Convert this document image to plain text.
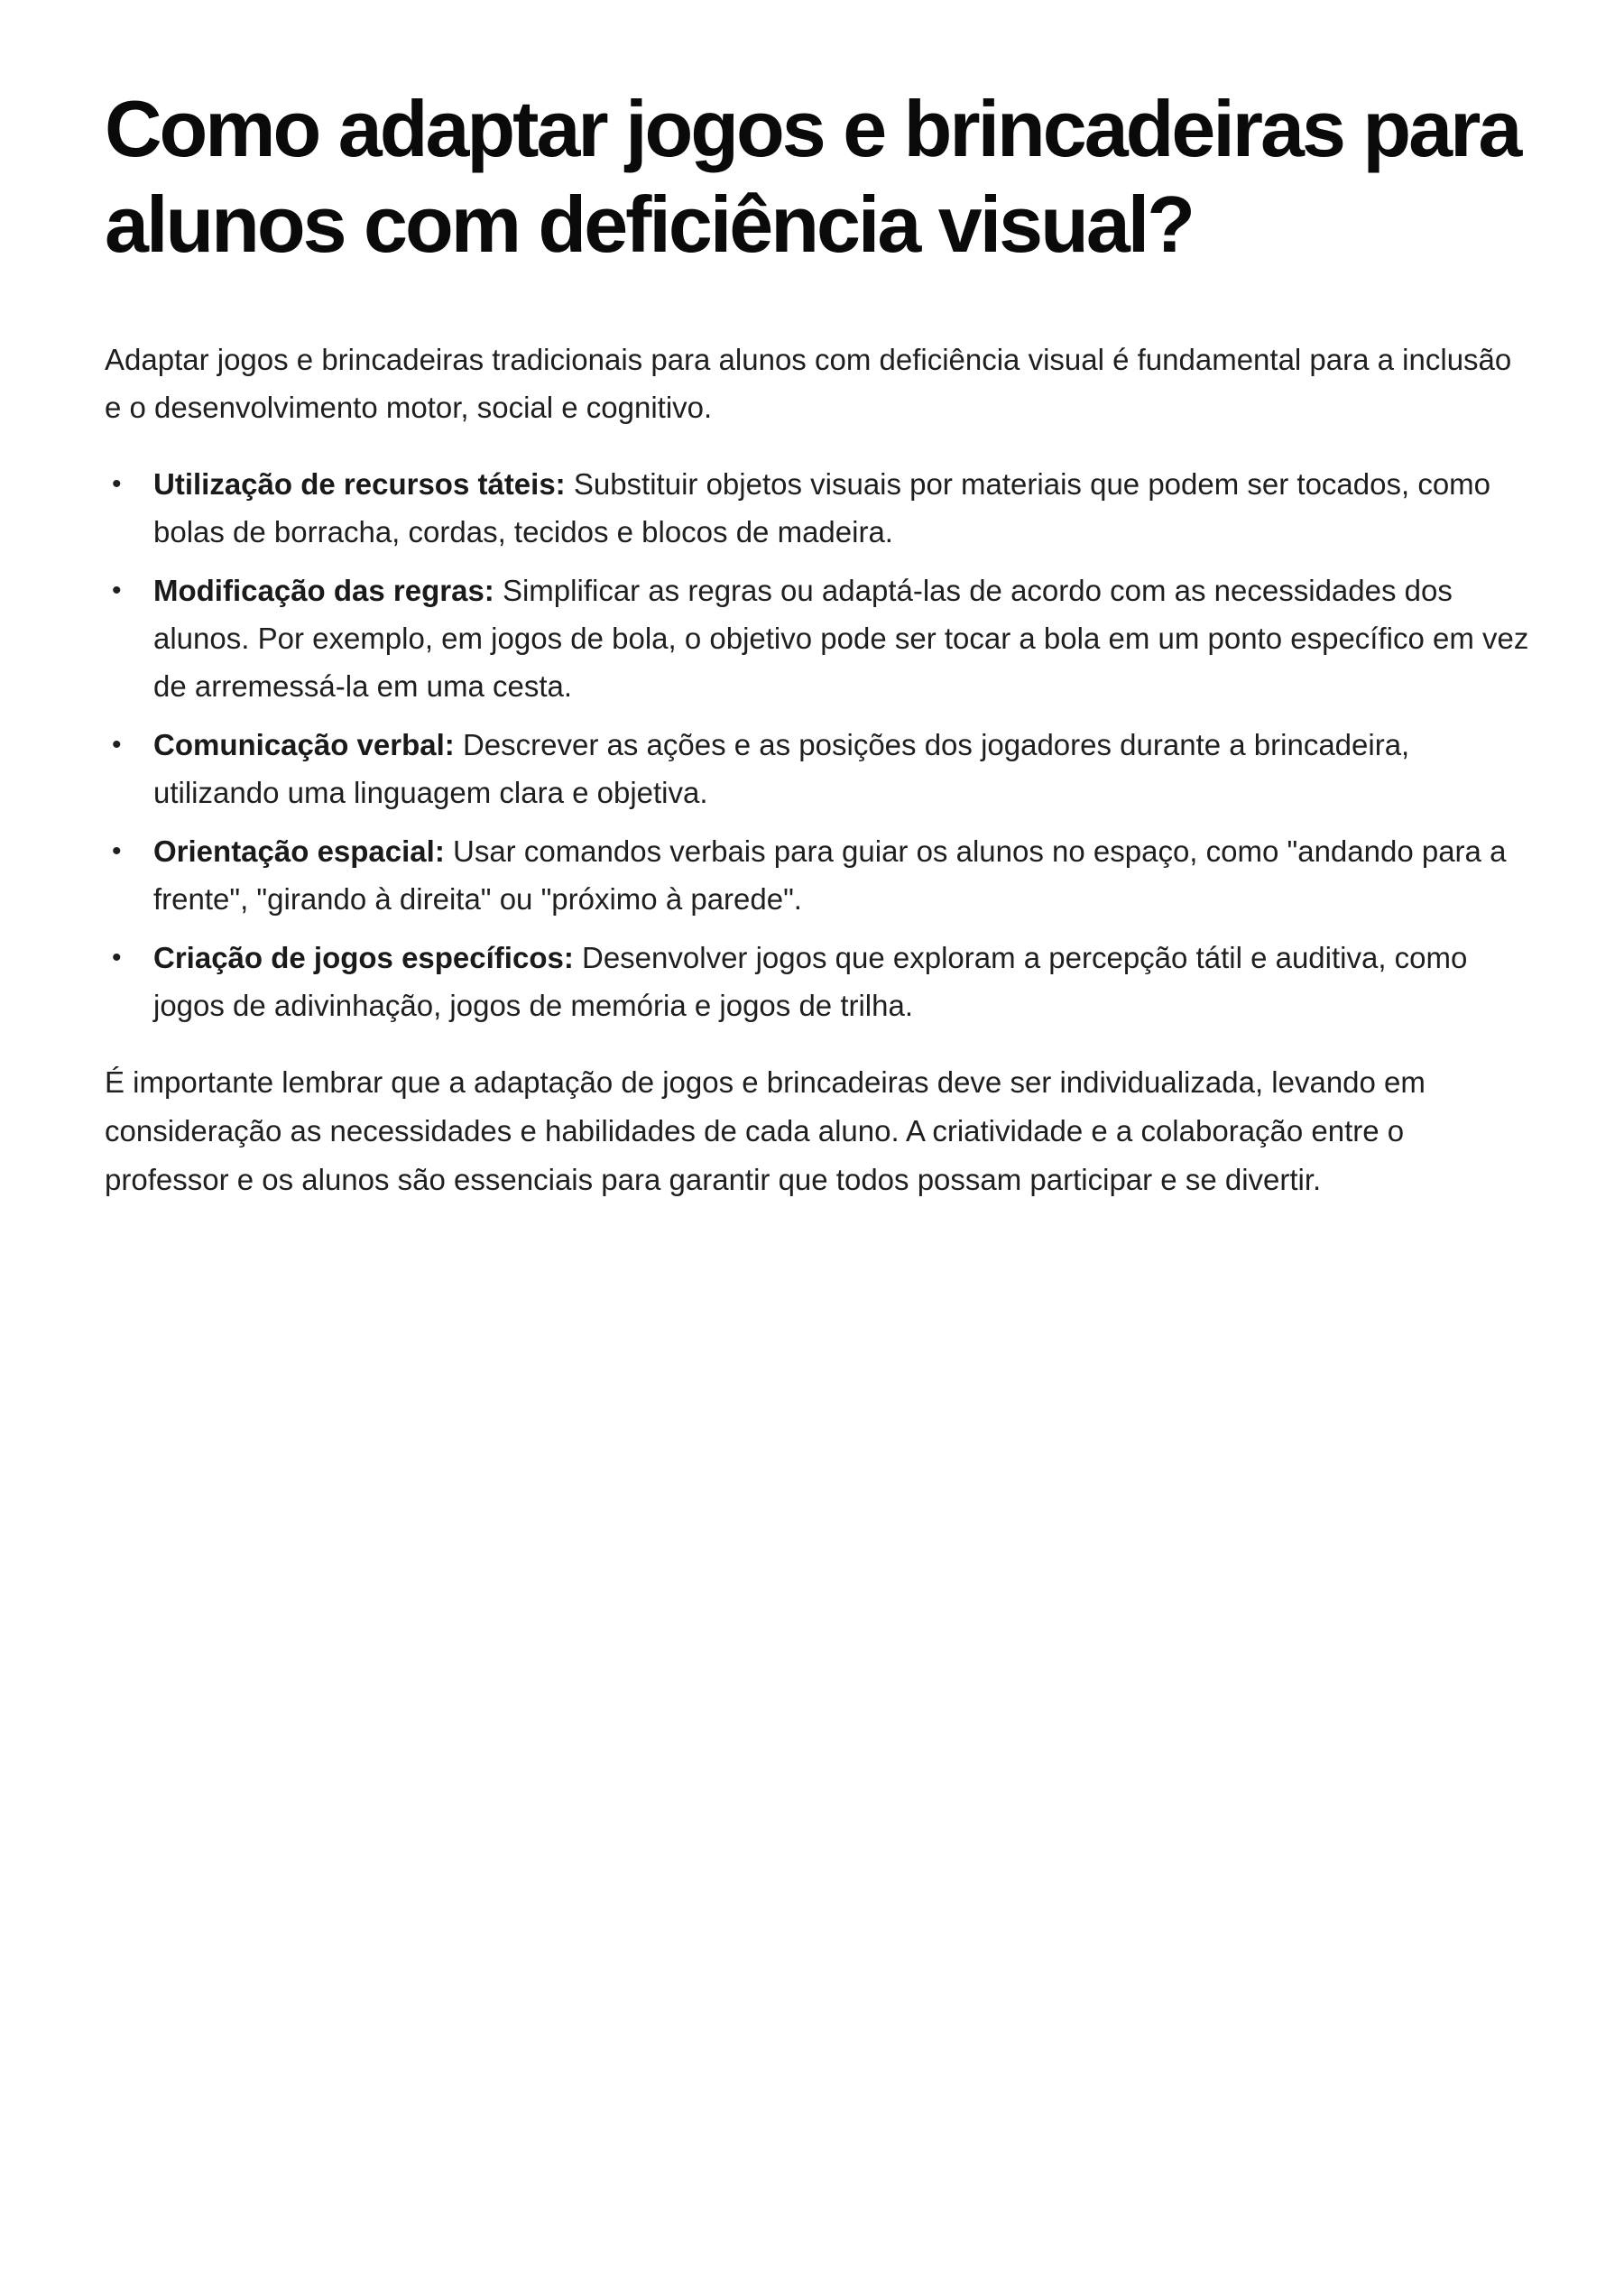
Como adaptar jogos e brincadeiras para alunos com deficiência visual?

Adaptar jogos e brincadeiras tradicionais para alunos com deficiência visual é fundamental para a inclusão e o desenvolvimento motor, social e cognitivo.

• Utilização de recursos táteis: Substituir objetos visuais por materiais que podem ser tocados, como bolas de borracha, cordas, tecidos e blocos de madeira.
• Modificação das regras: Simplificar as regras ou adaptá-las de acordo com as necessidades dos alunos. Por exemplo, em jogos de bola, o objetivo pode ser tocar a bola em um ponto específico em vez de arremessá-la em uma cesta.
• Comunicação verbal: Descrever as ações e as posições dos jogadores durante a brincadeira, utilizando uma linguagem clara e objetiva.
• Orientação espacial: Usar comandos verbais para guiar os alunos no espaço, como "andando para a frente", "girando à direita" ou "próximo à parede".
• Criação de jogos específicos: Desenvolver jogos que exploram a percepção tátil e auditiva, como jogos de adivinhação, jogos de memória e jogos de trilha.

É importante lembrar que a adaptação de jogos e brincadeiras deve ser individualizada, levando em consideração as necessidades e habilidades de cada aluno. A criatividade e a colaboração entre o professor e os alunos são essenciais para garantir que todos possam participar e se divertir.
